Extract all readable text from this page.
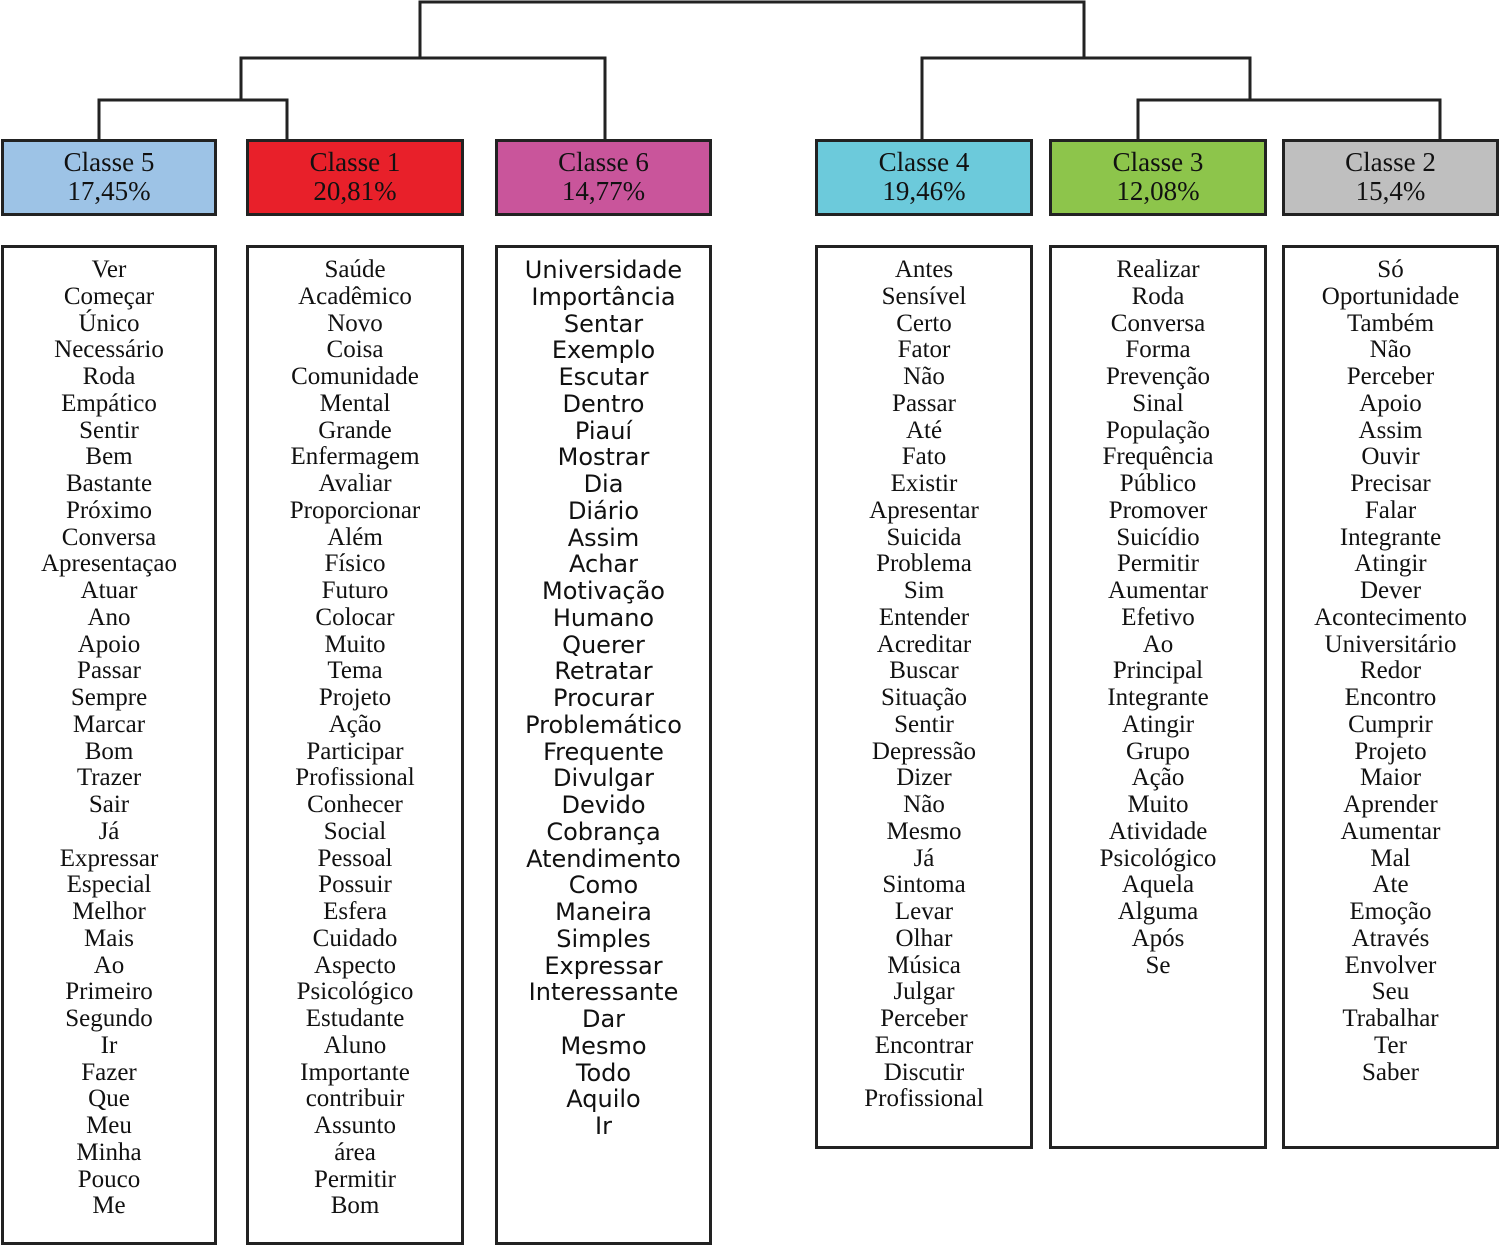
Classe 5
17,45%
Classe 1
20,81%
Classe 6
14,77%
Classe 4
19,46%
Classe 3
12,08%
Classe 2
15,4%
Ver
Começar
Único
Necessário
Roda
Empático
Sentir
Bem
Bastante
Próximo
Conversa
Apresentaçao
Atuar
Ano
Apoio
Passar
Sempre
Marcar
Bom
Trazer
Sair
Já
Expressar
Especial
Melhor
Mais
Ao
Primeiro
Segundo
Ir
Fazer
Que
Meu
Minha
Pouco
Me
Saúde
Acadêmico
Novo
Coisa
Comunidade
Mental
Grande
Enfermagem
Avaliar
Proporcionar
Além
Físico
Futuro
Colocar
Muito
Tema
Projeto
Ação
Participar
Profissional
Conhecer
Social
Pessoal
Possuir
Esfera
Cuidado
Aspecto
Psicológico
Estudante
Aluno
Importante
contribuir
Assunto
área
Permitir
Bom
Universidade
Importância
Sentar
Exemplo
Escutar
Dentro
Piauí
Mostrar
Dia
Diário
Assim
Achar
Motivação
Humano
Querer
Retratar
Procurar
Problemático
Frequente
Divulgar
Devido
Cobrança
Atendimento
Como
Maneira
Simples
Expressar
Interessante
Dar
Mesmo
Todo
Aquilo
Ir
Antes
Sensível
Certo
Fator
Não
Passar
Até
Fato
Existir
Apresentar
Suicida
Problema
Sim
Entender
Acreditar
Buscar
Situação
Sentir
Depressão
Dizer
Não
Mesmo
Já
Sintoma
Levar
Olhar
Música
Julgar
Perceber
Encontrar
Discutir
Profissional
Realizar
Roda
Conversa
Forma
Prevenção
Sinal
População
Frequência
Público
Promover
Suicídio
Permitir
Aumentar
Efetivo
Ao
Principal
Integrante
Atingir
Grupo
Ação
Muito
Atividade
Psicológico
Aquela
Alguma
Após
Se
Só
Oportunidade
Também
Não
Perceber
Apoio
Assim
Ouvir
Precisar
Falar
Integrante
Atingir
Dever
Acontecimento
Universitário
Redor
Encontro
Cumprir
Projeto
Maior
Aprender
Aumentar
Mal
Ate
Emoção
Através
Envolver
Seu
Trabalhar
Ter
Saber
